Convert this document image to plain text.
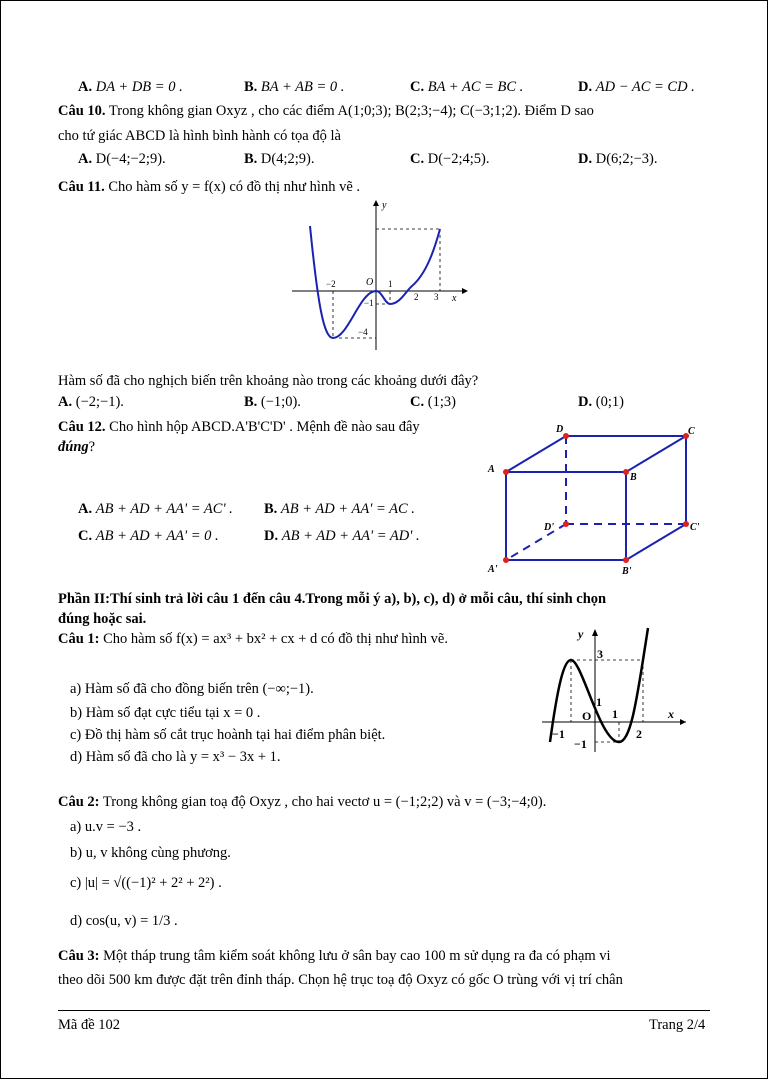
A. DA + DB = 0 .	B. BA + AB = 0 .	C. BA + AC = BC .	D. AD − AC = CD .
Câu 10. Trong không gian Oxyz , cho các điểm A(1;0;3); B(2;3;−4); C(−3;1;2). Điểm D sao
cho tứ giác ABCD là hình bình hành có tọa độ là
A. D(−4;−2;9).	B. D(4;2;9).	C. D(−2;4;5).	D. D(6;2;−3).
Câu 11. Cho hàm số y = f(x) có đồ thị như hình vẽ .
y
x
O
−2	1
2 3
−1
−4
Hàm số đã cho nghịch biến trên khoảng nào trong các khoảng dưới đây?
A. (−2;−1).	B. (−1;0).	C. (1;3)	D. (0;1)
Câu 12. Cho hình hộp ABCD.A'B'C'D' . Mệnh đề nào sau đây
đúng?
A. AB + AD + AA' = AC' . B. AB + AD + AA' = AC .
C. AB + AD + AA' = 0 .	D. AB + AD + AA' = AD' .
A
D	C
B
A'
D'	C'
B'
Phần II:Thí sinh trả lời câu 1 đến câu 4.Trong mỗi ý a), b), c), d) ở mỗi câu, thí sinh chọn
đúng hoặc sai.
Câu 1: Cho hàm số f(x) = ax³ + bx² + cx + d có đồ thị như hình vẽ.
a) Hàm số đã cho đồng biến trên (−∞;−1).
b) Hàm số đạt cực tiểu tại x = 0 .
c) Đồ thị hàm số cắt trục hoành tại hai điểm phân biệt.
d) Hàm số đã cho là y = x³ − 3x + 1.
y
x
O
3
1
1
−1
−1
2
Câu 2: Trong không gian toạ độ Oxyz , cho hai vectơ u = (−1;2;2) và v = (−3;−4;0).
a) u.v = −3 .
b) u, v không cùng phương.
c) |u| = √((−1)² + 2² + 2²) .
d) cos(u, v) = 1/3 .
Câu 3: Một tháp trung tâm kiểm soát không lưu ở sân bay cao 100 m sử dụng ra đa có phạm vi
theo dõi 500 km được đặt trên đỉnh tháp. Chọn hệ trục toạ độ Oxyz có gốc O trùng với vị trí chân
Mã đề 102	Trang 2/4
